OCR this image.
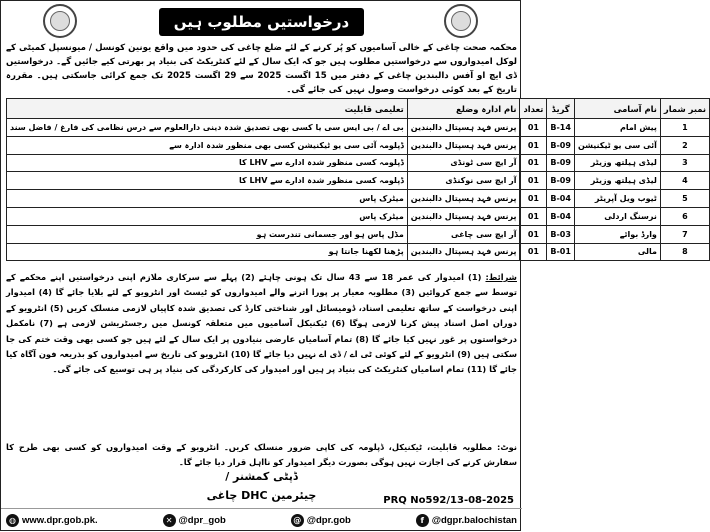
درخواستیں مطلوب ہیں

محکمہ صحت چاغی کے خالی آسامیوں کو پُر کرنے کے لئے ضلع چاغی کی حدود میں واقع یونین کونسل / میونسپل کمیٹی کے لوکل امیدواروں سے درخواستیں مطلوب ہیں جو کہ ایک سال کے لئے کنٹریکٹ کی بنیاد پر بھرتی کیے جائیں گے۔ درخواستیں ڈی ایچ او آفس دالبندین چاغی کے دفتر میں 15 اگست 2025 سے 29 اگست 2025 تک جمع کرائی جاسکتی ہیں۔ مقررہ تاریخ کے بعد کوئی درخواست وصول نہیں کی جائے گی۔

نمبر شمار	نام آسامی	گریڈ	تعداد	نام ادارہ وضلع	تعلیمی قابلیت
1	پیش امام	B-14	01	پرنس فہد ہسپتال دالبندین	بی اے / بی ایس سی یا کسی بھی تصدیق شدہ دینی دارالعلوم سے درس نظامی کی فارغ / فاضل سند
2	آئی سی یو ٹیکنیشن	B-09	01	پرنس فہد ہسپتال دالبندین	ڈپلومہ آئی سی یو ٹیکنیشن کسی بھی منظور شدہ ادارہ سے
3	لیڈی ہیلتھ وزیٹر	B-09	01	آر ایچ سی ٹونڈی	ڈپلومہ کسی منظور شدہ ادارے سے LHV کا
4	لیڈی ہیلتھ وزیٹر	B-09	01	آر ایچ سی نوکنڈی	ڈپلومہ کسی منظور شدہ ادارے سے LHV کا
5	ٹیوب ویل آپریٹر	B-04	01	پرنس فہد ہسپتال دالبندین	میٹرک پاس
6	نرسنگ اردلی	B-04	01	پرنس فہد ہسپتال دالبندین	میٹرک پاس
7	وارڈ بوائے	B-03	01	آر ایچ سی چاغی	مڈل پاس ہو اور جسمانی تندرست ہو
8	مالی	B-01	01	پرنس فہد ہسپتال دالبندین	پڑھنا لکھنا جانتا ہو

شرائط: (1) امیدوار کی عمر 18 سے 43 سال تک ہونی چاہئے (2) پہلے سے سرکاری ملازم اپنی درخواستیں اپنے محکمے کے توسط سے جمع کروائیں (3) مطلوبہ معیار پر پورا اترنے والے امیدواروں کو ٹیسٹ اور انٹرویو کے لئے بلایا جائے گا (4) امیدوار اپنی درخواست کے ساتھ تعلیمی اسناد، ڈومیسائل اور شناختی کارڈ کی تصدیق شدہ کاپیاں لازمی منسلک کریں (5) انٹرویو کے دوران اصل اسناد پیش کرنا لازمی ہوگا (6) ٹیکنیکل آسامیوں میں متعلقہ کونسل میں رجسٹریشن لازمی ہے (7) نامکمل درخواستوں پر غور نہیں کیا جائے گا (8) تمام آسامیاں عارضی بنیادوں پر ایک سال کے لئے ہیں جو کسی بھی وقت ختم کی جا سکتی ہیں (9) انٹرویو کے لئے کوئی ٹی اے / ڈی اے نہیں دیا جائے گا (10) انٹرویو کی تاریخ سے امیدواروں کو بذریعہ فون آگاہ کیا جائے گا (11) تمام اسامیاں کنٹریکٹ کی بنیاد پر ہیں اور امیدوار کی کارکردگی کی بنیاد پر ہی توسیع کی جائے گی۔

نوٹ: مطلوبہ قابلیت، ٹیکنیکل، ڈپلومہ کی کاپی ضرور منسلک کریں۔ انٹرویو کے وقت امیدواروں کو کسی بھی طرح کا سفارش کرنے کی اجازت نہیں ہوگی بصورت دیگر امیدوار کو نااہل قرار دیا جائے گا۔

ڈپٹی کمشنر /
چیئرمین DHC چاغی	PRQ No592/13-08-2025
◍ www.dpr.gob.pk.	✕ @dpr_gob	@ @dpr.gob	f @dgpr.balochistan
